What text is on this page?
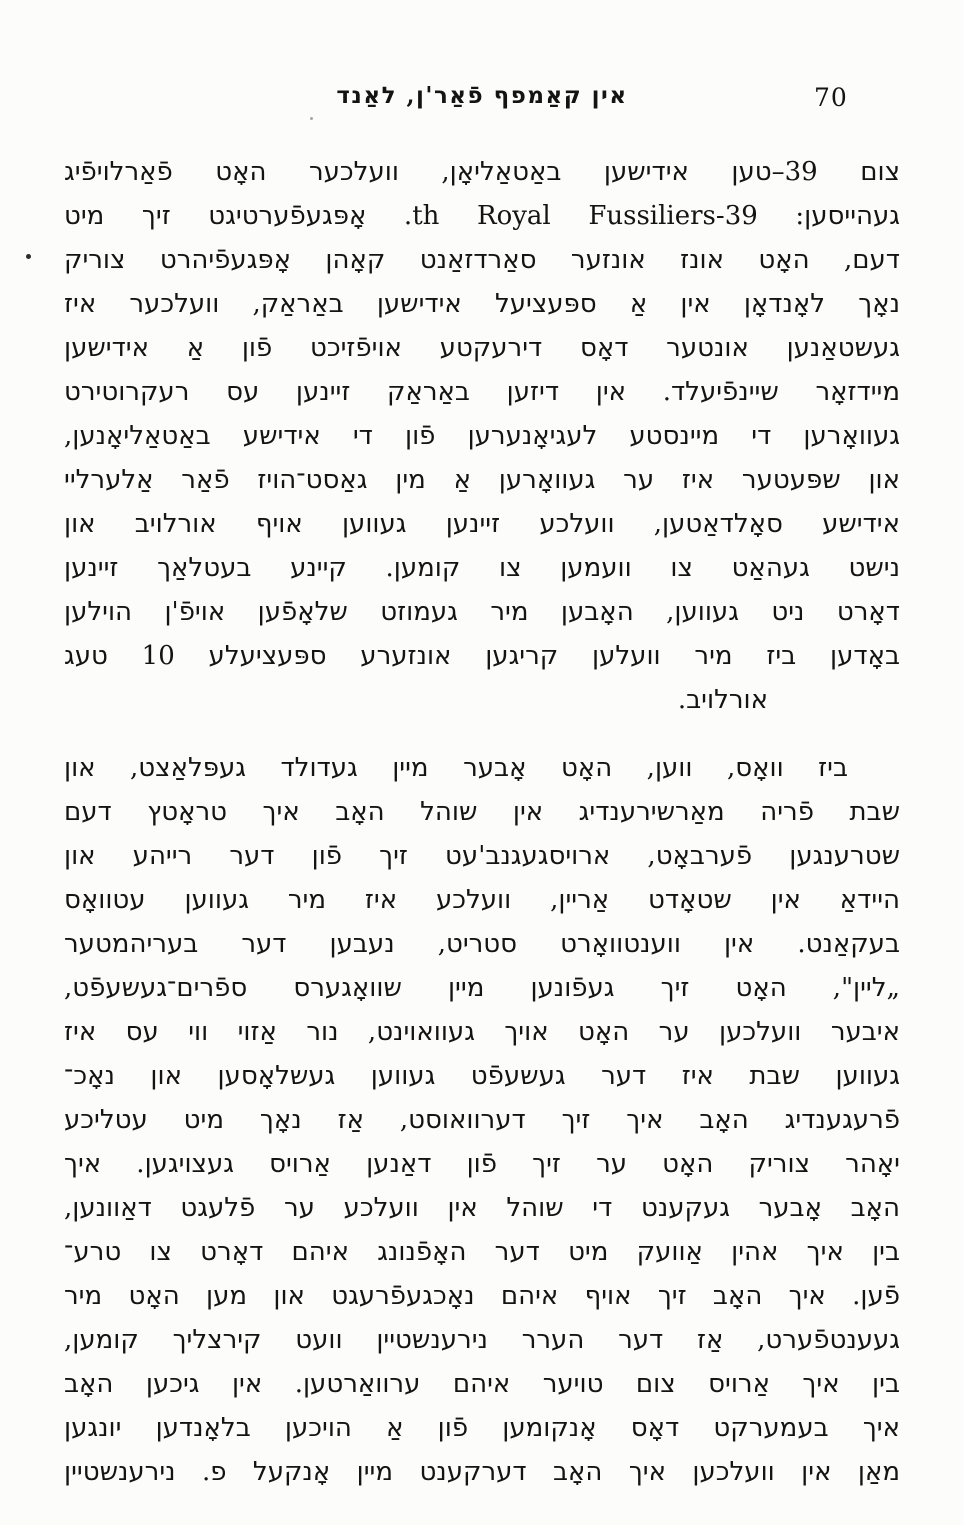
70
אין קאַמפף פֿאַר'ן, לאַנד
צום 39–טען אידישען באַטאַליאָן, וועלכער האָט פֿאַרלויפֿיג
געהייסען: 39-th Royal Fussiliers. אָפּגעפֿערטיגט זיך מיט
דעם, האָט אונז אונזער סאַרדזאַנט קאָהן אָפּגעפֿיהרט צוריק
נאָך לאָנדאָן אין אַ ספּעציעל אידישען באַראַק, וועלכער איז
געשטאַנען אונטער דאָס דירעקטע אויפֿזיכט פֿון אַ אידישען
מיידזאָר שיינפֿיעלד. אין דיזען באַראַק זיינען עס רעקרוטירט
געוואָרען די מיינסטע לעגיאָנערען פֿון די אידישע באַטאַליאָנען,
און שפּעטער איז ער געוואָרען אַ מין גאַסט־הויז פֿאַר אַלערליי
אידישע סאָלדאַטען, וועלכע זיינען געווען אויף אורלויב און
נישט געהאַט צו וועמען צו קומען. קיינע בעטלאַך זיינען
דאָרט ניט געווען, האָבען מיר געמוזט שלאָפֿען אויפֿ'ן הוילען
באָדען ביז מיר וועלען קריגען אונזערע ספּעציעלע 10 טעג
אורלויב.
ביז וואָס, ווען, האָט אָבער מיין געדולד געפּלאַצט, און
שבת פֿריה מאַרשירענדיג אין שוהל האָב איך טראָטץ דעם
שטרענגען פֿערבאָט, ארויסגעגנב'עט זיך פֿון דער רייהע און
היידאַ אין שטאָדט אַריין, וועלכע איז מיר געווען עטוואָס
בעקאַנט. אין ווענטוואָרט סטריט, נעבען דער בעריהמטער
„ליין", האָט זיך געפֿונען מיין שוואָגערס ספֿרים־געשעפֿט,
איבער וועלכען ער האָט אויך געוואוינט, נור אַזוי ווי עס איז
געווען שבת איז דער געשעפֿט געווען געשלאָסען און נאָכ־
פֿרעגענדיג האָב איך זיך דערוואוסט, אַז נאָך מיט עטליכע
יאָהר צוריק האָט ער זיך פֿון דאַנען אַרויס געצויגען. איך
האָב אָבער געקענט די שוהל אין וועלכע ער פֿלעגט דאַוונען,
בין איך אהין אַוועק מיט דער האָפֿנונג איהם דאָרט צו טרע־
פֿען. איך האָב זיך אויף איהם נאָכגעפֿרעגט און מען האָט מיר
געענטפֿערט, אַז דער הערר נירענשטיין וועט קירצליך קומען,
בין איך אַרויס צום טויער איהם ערוואַרטען. אין גיכען האָב
איך בעמערקט דאָס אָנקומען פֿון אַ הויכען בלאָנדען יונגען
מאַן אין וועלכען איך האָב דערקענט מיין אָנקעל פ. נירענשטיין
